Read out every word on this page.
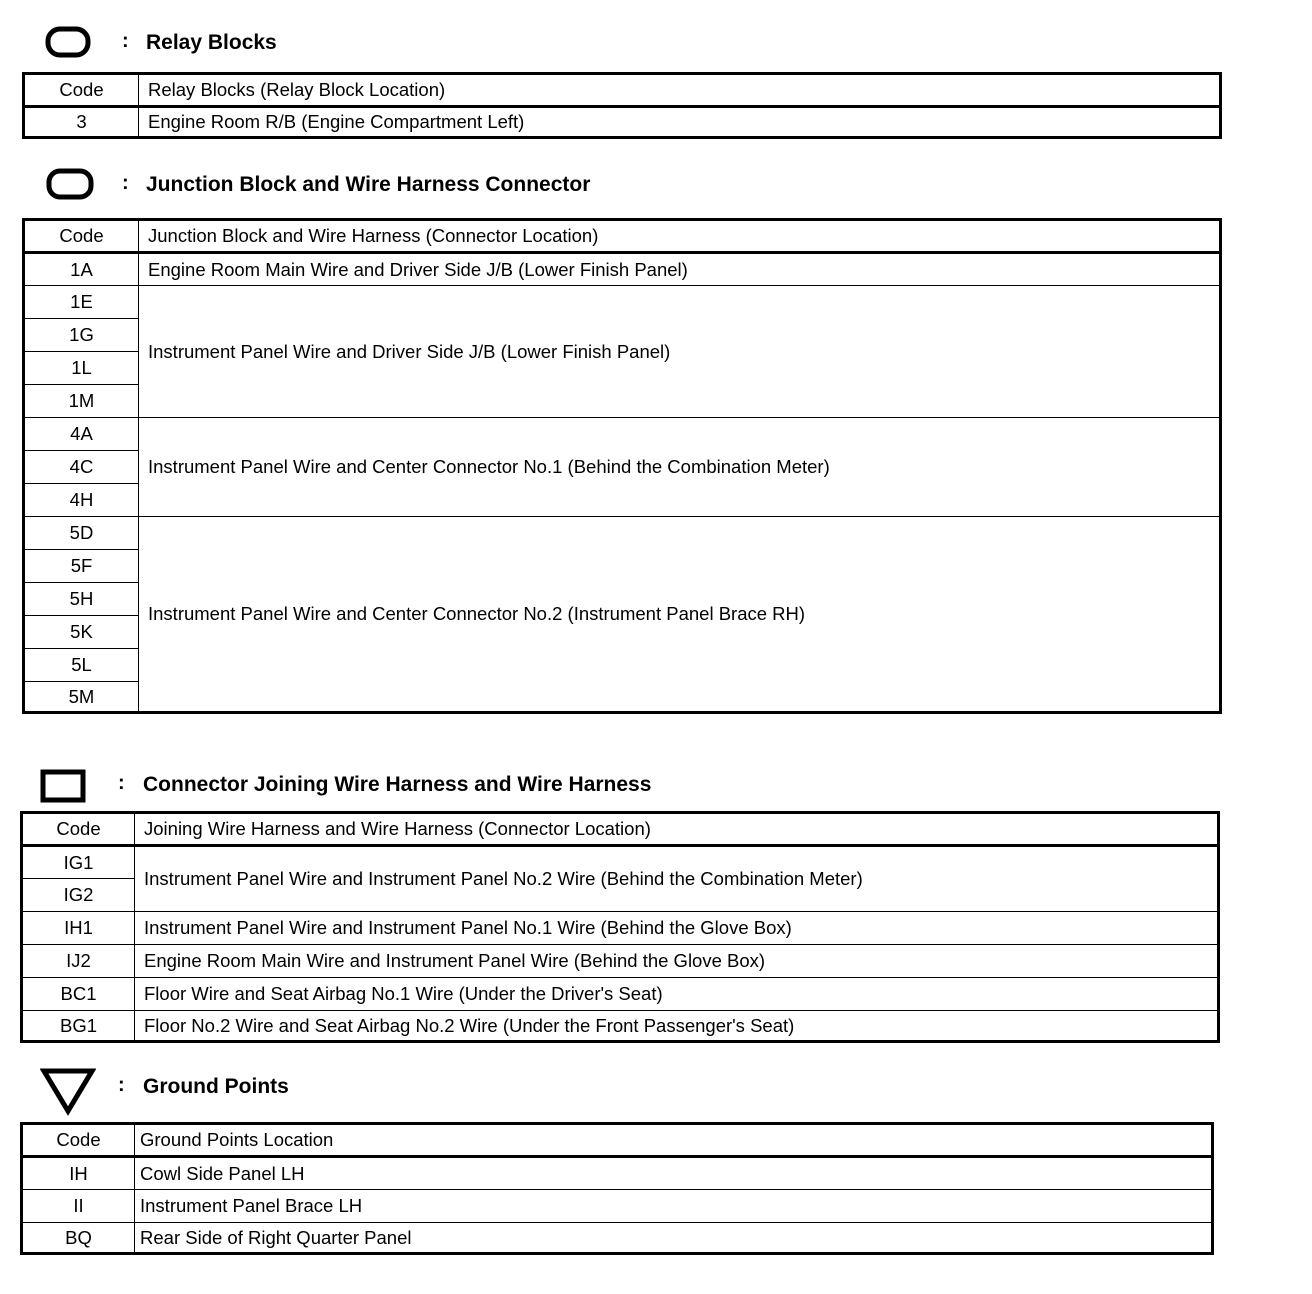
: Relay Blocks
Code	Relay Blocks (Relay Block Location)
3	Engine Room R/B (Engine Compartment Left)
: Junction Block and Wire Harness Connector
Code	Junction Block and Wire Harness (Connector Location)
1A	Engine Room Main Wire and Driver Side J/B (Lower Finish Panel)
1E	Instrument Panel Wire and Driver Side J/B (Lower Finish Panel)
1G	
1L	
1M	
4A	Instrument Panel Wire and Center Connector No.1 (Behind the Combination Meter)
4C	
4H	
5D	Instrument Panel Wire and Center Connector No.2 (Instrument Panel Brace RH)
5F	
5H	
5K	
5L	
5M	
: Connector Joining Wire Harness and Wire Harness
Code	Joining Wire Harness and Wire Harness (Connector Location)
IG1	Instrument Panel Wire and Instrument Panel No.2 Wire (Behind the Combination Meter)
IG2	
IH1	Instrument Panel Wire and Instrument Panel No.1 Wire (Behind the Glove Box)
IJ2	Engine Room Main Wire and Instrument Panel Wire (Behind the Glove Box)
BC1	Floor Wire and Seat Airbag No.1 Wire (Under the Driver's Seat)
BG1	Floor No.2 Wire and Seat Airbag No.2 Wire (Under the Front Passenger's Seat)
: Ground Points
Code	Ground Points Location
IH	Cowl Side Panel LH
II	Instrument Panel Brace LH
BQ	Rear Side of Right Quarter Panel
